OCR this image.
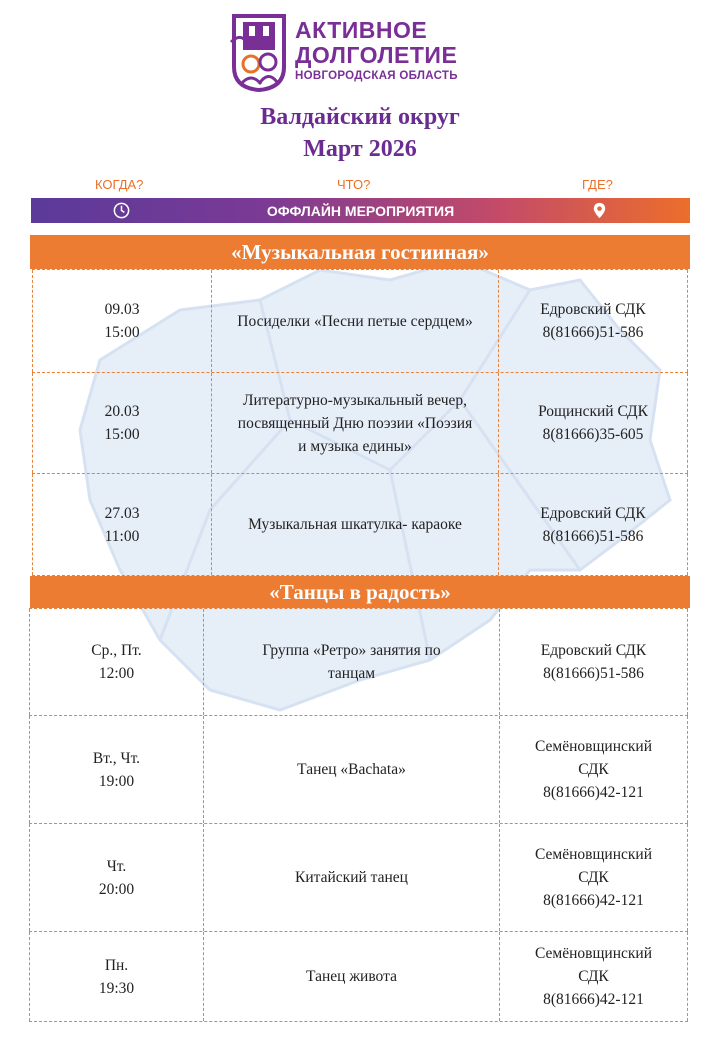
АКТИВНОЕ
ДОЛГОЛЕТИЕ
НОВГОРОДСКАЯ ОБЛАСТЬ
Валдайский округ
Март 2026
КОГДА?	ЧТО?	ГДЕ?
ОФФЛАЙН МЕРОПРИЯТИЯ
«Музыкальная гостииная»
09.03
15:00
Посиделки «Песни петые сердцем»
Едровский СДК
8(81666)51-586
20.03
15:00
Литературно-музыкальный вечер,
посвященный Дню поэзии «Поэзия
и музыка едины»
Рощинский СДК
8(81666)35-605
27.03
11:00
Музыкальная шкатулка- караоке
Едровский СДК
8(81666)51-586
«Танцы в радость»
Ср., Пт.
12:00
Группа «Ретро» занятия по
танцам
Едровский СДК
8(81666)51-586
Вт., Чт.
19:00
Танец «Bachata»
Семёновщинский
СДК
8(81666)42-121
Чт.
20:00
Китайский танец
Семёновщинский
СДК
8(81666)42-121
Пн.
19:30
Танец живота
Семёновщинский
СДК
8(81666)42-121
